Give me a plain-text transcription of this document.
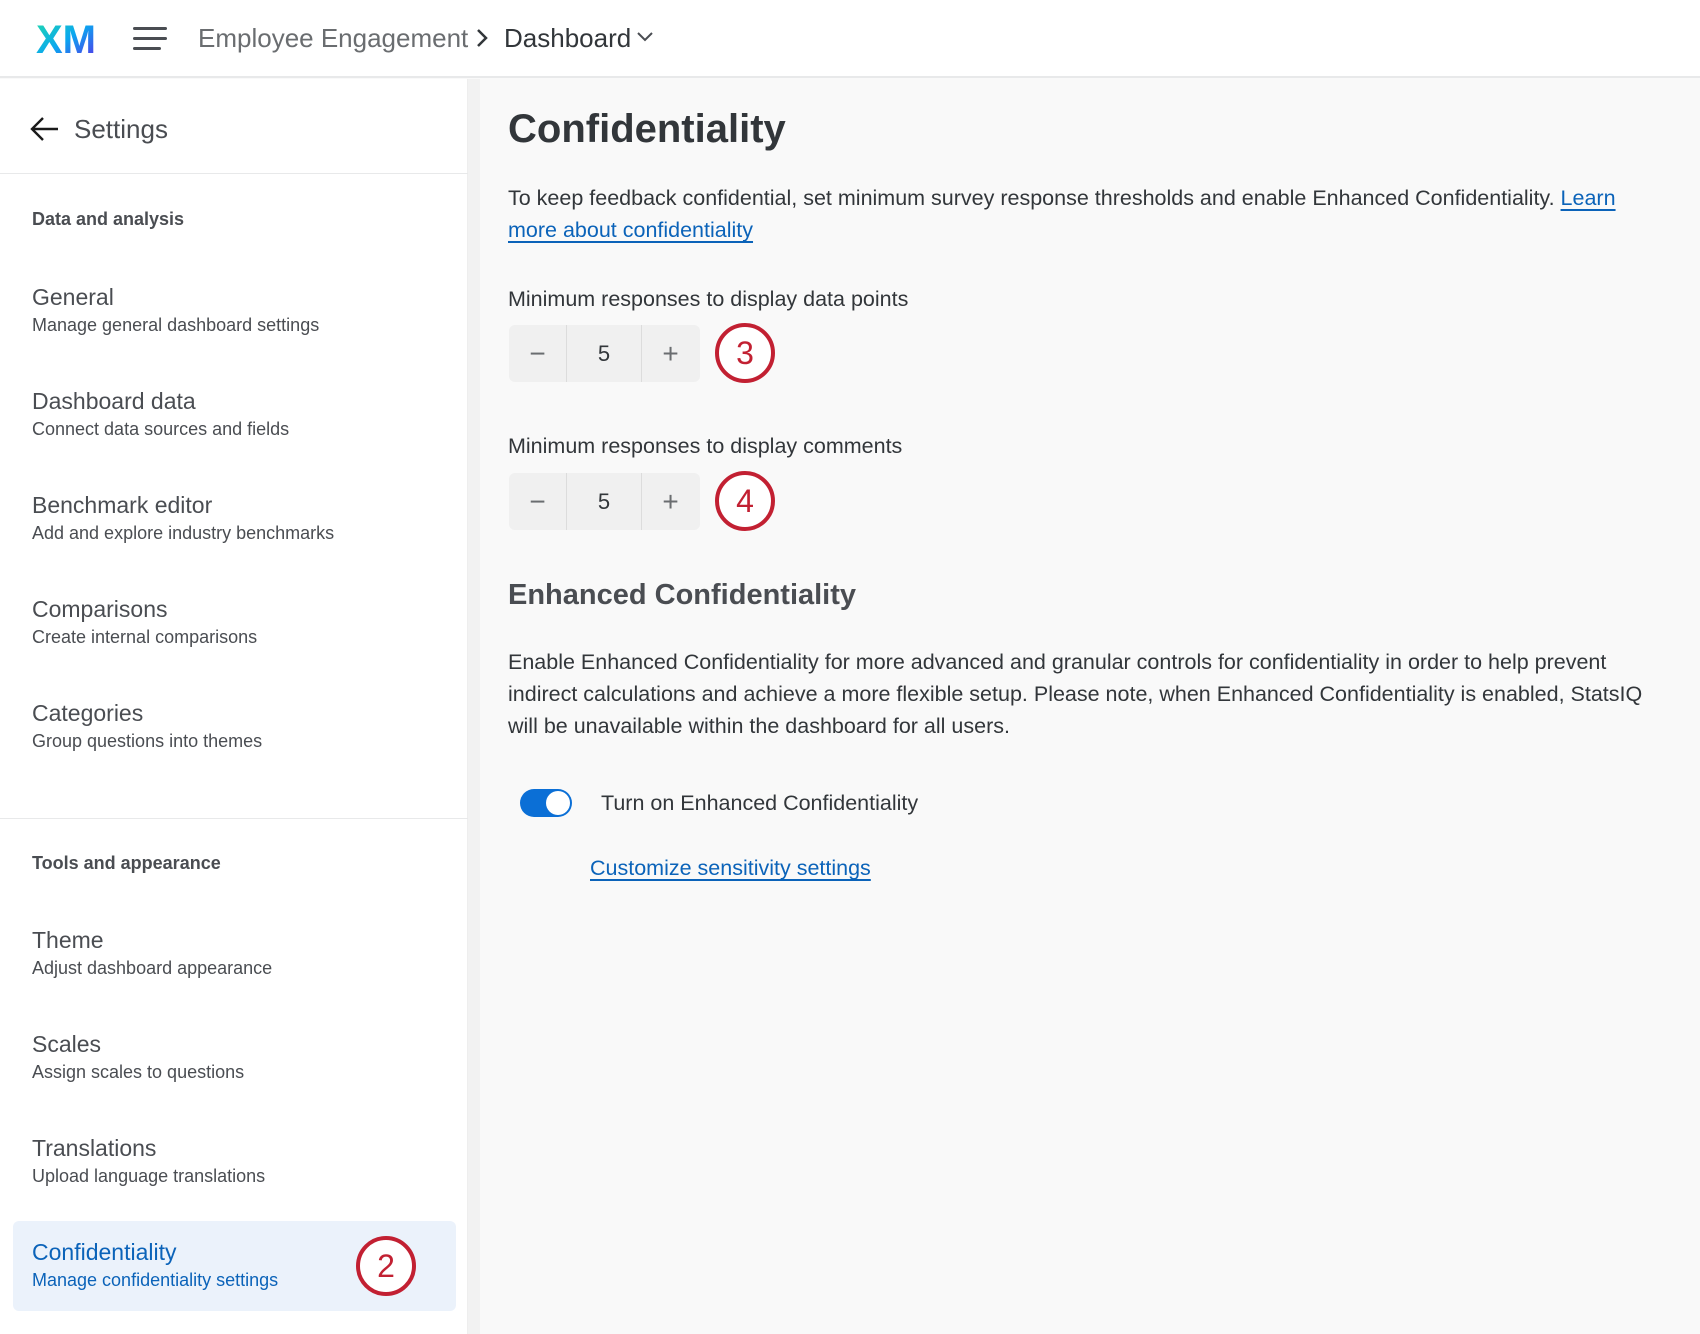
XM	Employee Engagement Dashboard
Settings
Data and analysis
General
Manage general dashboard settings
Dashboard data
Connect data sources and fields
Benchmark editor
Add and explore industry benchmarks
Comparisons
Create internal comparisons
Categories
Group questions into themes
Tools and appearance
Theme
Adjust dashboard appearance
Scales
Assign scales to questions
Translations
Upload language translations
Confidentiality
Manage confidentiality settings	2
Confidentiality

To keep feedback confidential, set minimum survey response thresholds and enable Enhanced Confidentiality. Learn more about confidentiality

Minimum responses to display data points
−	5	+	3
Minimum responses to display comments
−	5	+	4
Enhanced Confidentiality

Enable Enhanced Confidentiality for more advanced and granular controls for confidentiality in order to help prevent indirect calculations and achieve a more flexible setup. Please note, when Enhanced Confidentiality is enabled, StatsIQ will be unavailable within the dashboard for all users.

Turn on Enhanced Confidentiality
Customize sensitivity settings
